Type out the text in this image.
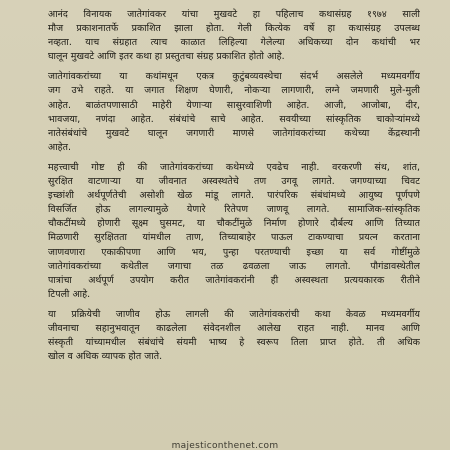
आनंद विनायक जातेगांवकर यांचा मुखवटे हा पहिलाच कथासंग्रह १९७४ साली
मौज प्रकाशनातर्फे प्रकाशित झाला होता. गेली कित्येक वर्षे हा कथासंग्रह उपलब्ध
नव्हता. याच संग्रहात त्याच काळात लिहिल्या गेलेल्या अधिकच्या दोन कथांची भर
घालून मुखवटे आणि इतर कथा हा प्रस्तुतचा संग्रह प्रकाशित होतो आहे.
जातेगांवकरांच्या या कथांमधून एकत्र कुटुंबव्यवस्थेचा संदर्भ असलेले मध्यमवर्गीय
जग उभे राहते. या जगात शिक्षण घेणारी, नोकऱ्या लागणारी, लग्ने जमणारी मुले-मुली
आहेत. बाळंतपणासाठी माहेरी येणाऱ्या सासुरवाशिणी आहेत. आजी, आजोबा, दीर,
भावजया, नणंदा आहेत. संबंधांचे साचे आहेत. सवयीच्या सांस्कृतिक चाकोऱ्यांमध्ये
नातेसंबंधांचे मुखवटे घालून जगणारी माणसे जातेगांवकरांच्या कथेच्या केंद्रस्थानी
आहेत.
महत्त्वाची गोष्ट ही की जातेगांवकरांच्या कथेमध्ये एवढेच नाही. वरकरणी संथ, शांत,
सुरक्षित वाटणाऱ्या या जीवनात अस्वस्थतेचे तण उगवू लागते. जगण्याच्या चिवट
इच्छांशी अर्थपूर्णतेची असोशी खेळ मांडू लागते. पारंपरिक संबंधांमध्ये आयुष्य पूर्णपणे
विसर्जित होऊ लागल्यामुळे येणारे रितेपण जाणवू लागते. सामाजिक-सांस्कृतिक
चौकटींमध्ये होणारी सूक्ष्म घुसमट, या चौकटींमुळे निर्माण होणारे दौर्बल्य आणि तिच्यात
मिळणारी सुरक्षितता यांमधील ताण, तिच्याबाहेर पाऊल टाकण्याचा प्रयत्न करताना
जाणवणारा एकाकीपणा आणि भय, पुन्हा परतण्याची इच्छा या सर्व गोष्टींमुळे
जातेगांवकरांच्या कथेतील जगाचा तळ ढवळला जाऊ लागतो. पौगंडावस्थेतील
पात्रांचा अर्थपूर्ण उपयोग करीत जातेगांवकरांनी ही अस्वस्थता प्रत्ययकारक रीतीने
टिपली आहे.
या प्रक्रियेची जाणीव होऊ लागली की जातेगांवकरांची कथा केवळ मध्यमवर्गीय
जीवनाचा सहानुभवातून काढलेला संवेदनशील आलेख राहत नाही. मानव आणि
संस्कृती यांच्यामधील संबंधांचे संयमी भाष्य हे स्वरूप तिला प्राप्त होते. ती अधिक
खोल व अधिक व्यापक होत जाते.
majesticonthenet.com
